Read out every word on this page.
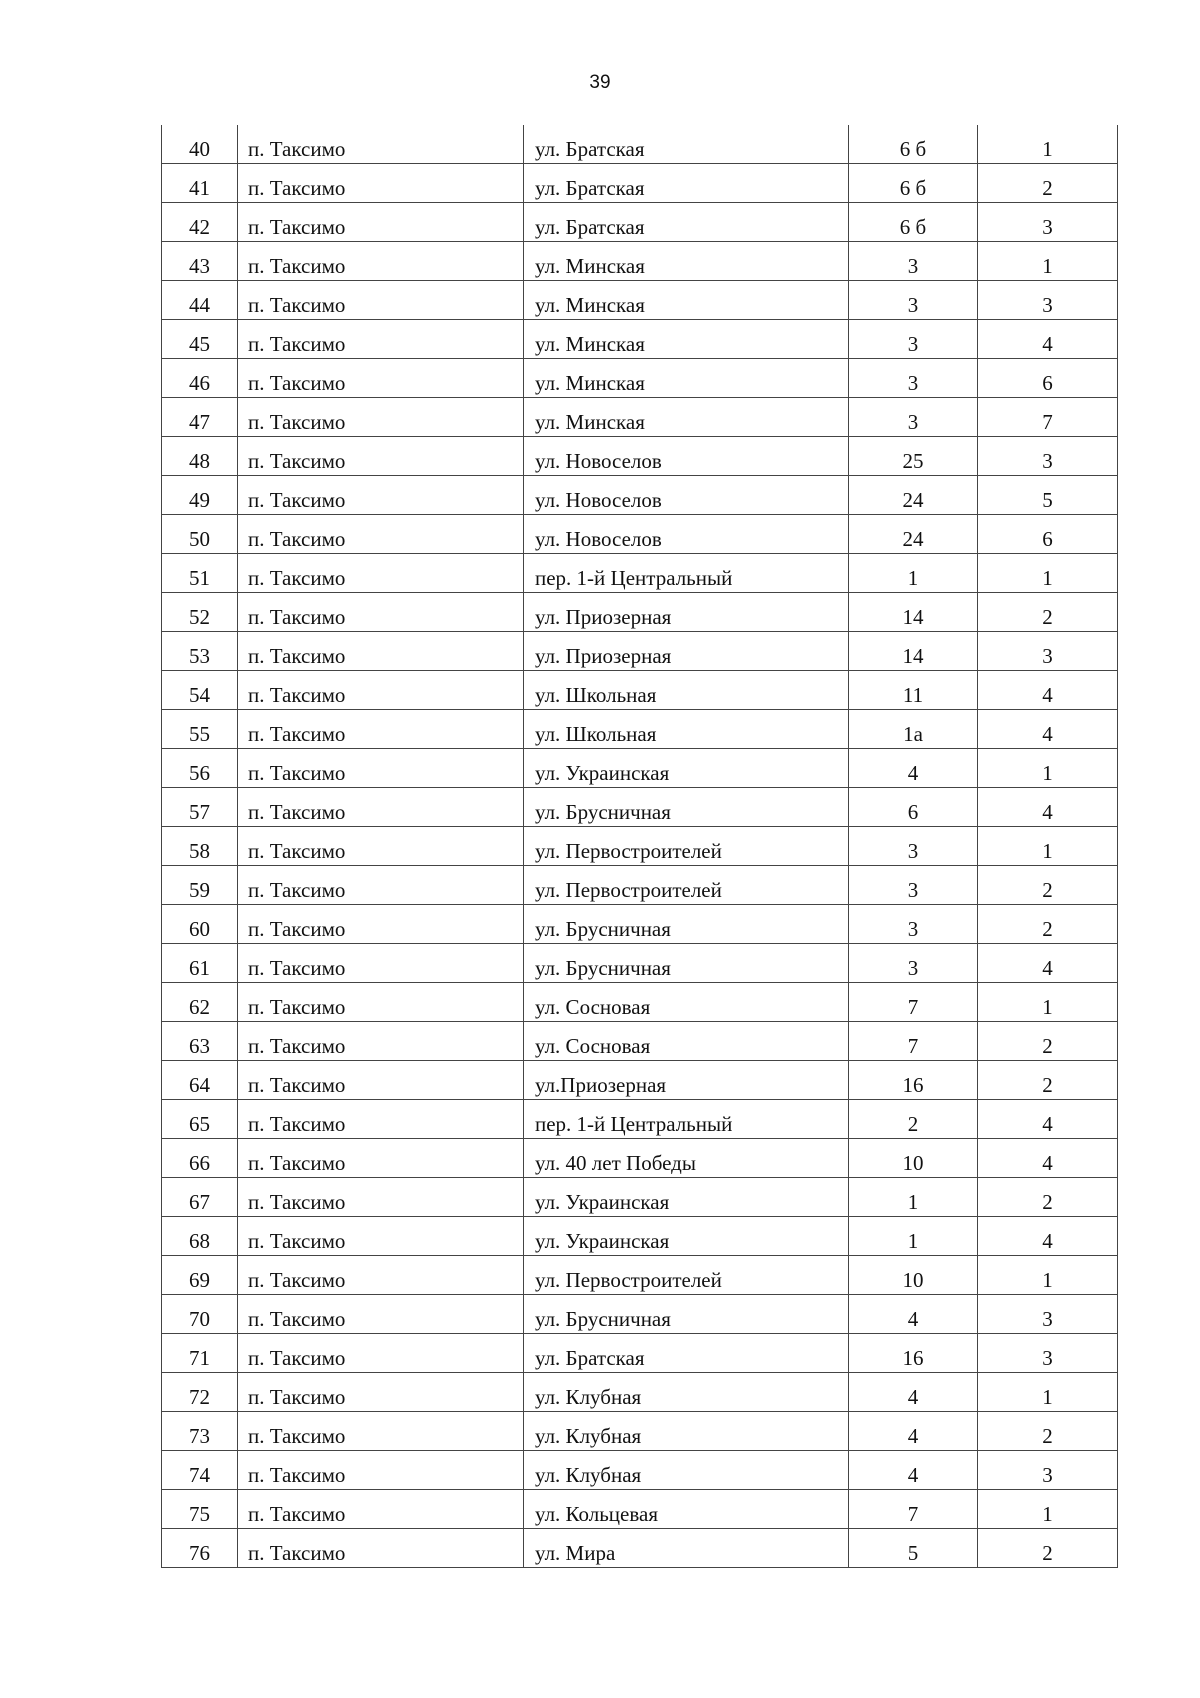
39
40	п. Таксимо	ул. Братская	6 б	1
41	п. Таксимо	ул. Братская	6 б	2
42	п. Таксимо	ул. Братская	6 б	3
43	п. Таксимо	ул. Минская	3	1
44	п. Таксимо	ул. Минская	3	3
45	п. Таксимо	ул. Минская	3	4
46	п. Таксимо	ул. Минская	3	6
47	п. Таксимо	ул. Минская	3	7
48	п. Таксимо	ул. Новоселов	25	3
49	п. Таксимо	ул. Новоселов	24	5
50	п. Таксимо	ул. Новоселов	24	6
51	п. Таксимо	пер. 1-й Центральный	1	1
52	п. Таксимо	ул. Приозерная	14	2
53	п. Таксимо	ул. Приозерная	14	3
54	п. Таксимо	ул. Школьная	11	4
55	п. Таксимо	ул. Школьная	1а	4
56	п. Таксимо	ул. Украинская	4	1
57	п. Таксимо	ул. Брусничная	6	4
58	п. Таксимо	ул. Первостроителей	3	1
59	п. Таксимо	ул. Первостроителей	3	2
60	п. Таксимо	ул. Брусничная	3	2
61	п. Таксимо	ул. Брусничная	3	4
62	п. Таксимо	ул. Сосновая	7	1
63	п. Таксимо	ул. Сосновая	7	2
64	п. Таксимо	ул.Приозерная	16	2
65	п. Таксимо	пер. 1-й Центральный	2	4
66	п. Таксимо	ул. 40 лет Победы	10	4
67	п. Таксимо	ул. Украинская	1	2
68	п. Таксимо	ул. Украинская	1	4
69	п. Таксимо	ул. Первостроителей	10	1
70	п. Таксимо	ул. Брусничная	4	3
71	п. Таксимо	ул. Братская	16	3
72	п. Таксимо	ул. Клубная	4	1
73	п. Таксимо	ул. Клубная	4	2
74	п. Таксимо	ул. Клубная	4	3
75	п. Таксимо	ул. Кольцевая	7	1
76	п. Таксимо	ул. Мира	5	2
